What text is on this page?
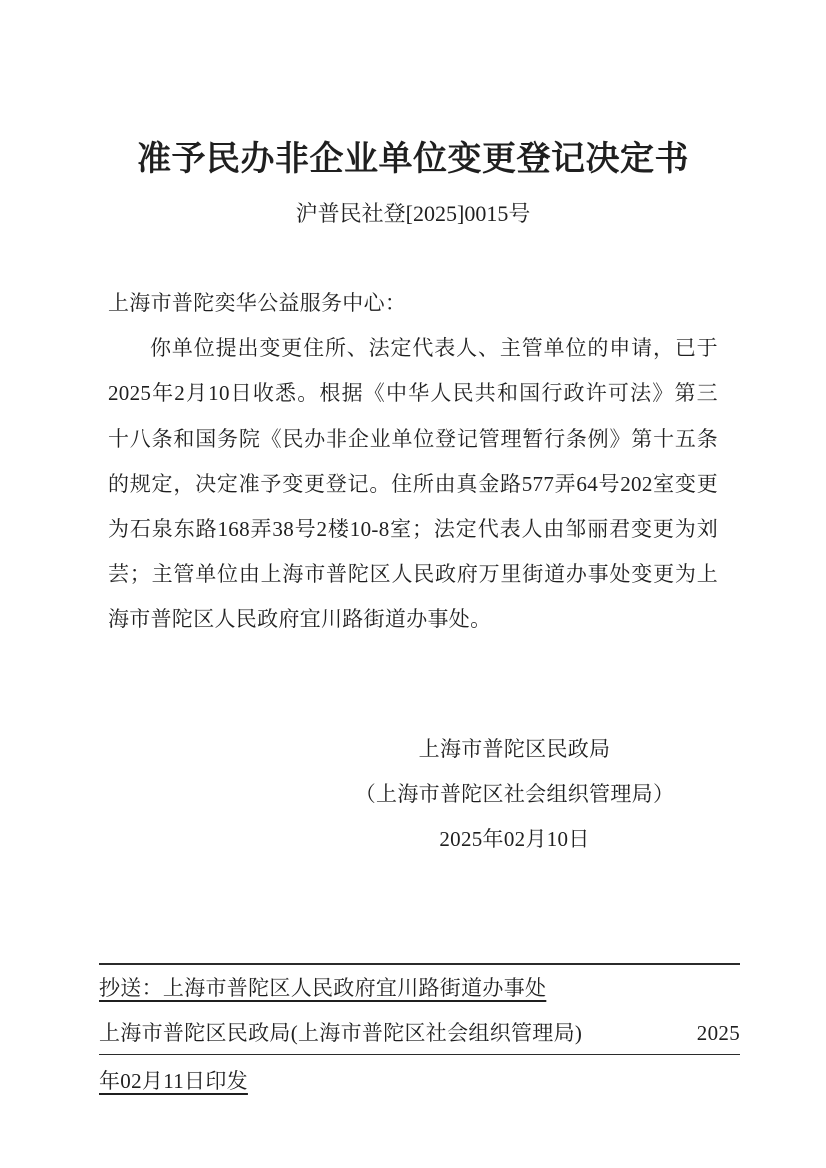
准予民办非企业单位变更登记决定书
沪普民社登[2025]0015号
上海市普陀奕华公益服务中心：
你单位提出变更住所、法定代表人、主管单位的申请，已于
2025年2月10日收悉。根据《中华人民共和国行政许可法》第三
十八条和国务院《民办非企业单位登记管理暂行条例》第十五条
的规定，决定准予变更登记。住所由真金路577弄64号202室变更
为石泉东路168弄38号2楼10-8室；法定代表人由邹丽君变更为刘
芸；主管单位由上海市普陀区人民政府万里街道办事处变更为上
海市普陀区人民政府宜川路街道办事处。
上海市普陀区民政局
（上海市普陀区社会组织管理局）
2025年02月10日
抄送：上海市普陀区人民政府宜川路街道办事处
上海市普陀区民政局(上海市普陀区社会组织管理局)	2025
年02月11日印发
